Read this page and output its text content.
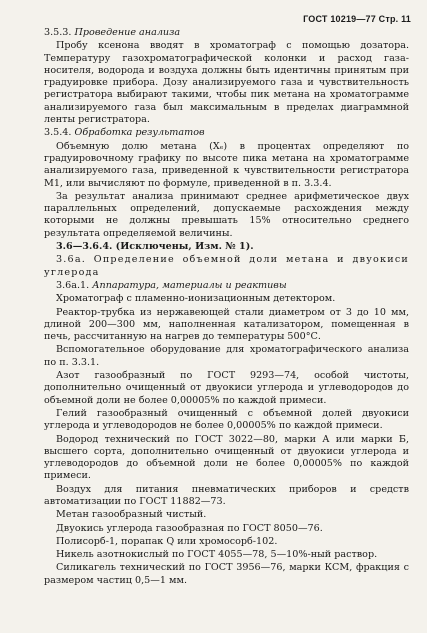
ГОСТ 10219—77 Стр. 11

3.5.3. Проведение анализа

Пробу ксенона вводят в хроматограф с помощью дозатора. Температуру газохроматографической колонки и расход газа-носителя, водорода и воздуха должны быть идентичны принятым при градуировке прибора. Дозу анализируемого газа и чувствительность регистратора выбирают такими, чтобы пик метана на хроматограмме анализируемого газа был максимальным в пределах диаграммной ленты регистратора.

3.5.4. Обработка результатов

Объемную долю метана (Xₑ) в процентах определяют по градуировочному графику по высоте пика метана на хроматограмме анализируемого газа, приведенной к чувствительности регистратора M1, или вычисляют по формуле, приведенной в п. 3.3.4.

За результат анализа принимают среднее арифметическое двух параллельных определений, допускаемые расхождения между которыми не должны превышать 15% относительно среднего результата определяемой величины.

3.6—3.6.4. (Исключены, Изм. № 1).

3.6а. Определение объемной доли метана и двуокиси углерода

3.6а.1. Аппаратура, материалы и реактивы

Хроматограф с пламенно-ионизационным детектором.

Реактор-трубка из нержавеющей стали диаметром от 3 до 10 мм, длиной 200—300 мм, наполненная катализатором, помещенная в печь, рассчитанную на нагрев до температуры 500°С.

Вспомогательное оборудование для хроматографического анализа по п. 3.3.1.

Азот газообразный по ГОСТ 9293—74, особой чистоты, дополнительно очищенный от двуокиси углерода и углеводородов до объемной доли не более 0,00005% по каждой примеси.

Гелий газообразный очищенный с объемной долей двуокиси углерода и углеводородов не более 0,00005% по каждой примеси.

Водород технический по ГОСТ 3022—80, марки А или марки Б, высшего сорта, дополнительно очищенный от двуокиси углерода и углеводородов до объемной доли не более 0,00005% по каждой примеси.

Воздух для питания пневматических приборов и средств автоматизации по ГОСТ 11882—73.

Метан газообразный чистый.

Двуокись углерода газообразная по ГОСТ 8050—76.

Полисорб-1, порапак Q или хромосорб-102.

Никель азотнокислый по ГОСТ 4055—78, 5—10%-ный раствор.

Силикагель технический по ГОСТ 3956—76, марки КСМ, фракция с размером частиц 0,5—1 мм.
